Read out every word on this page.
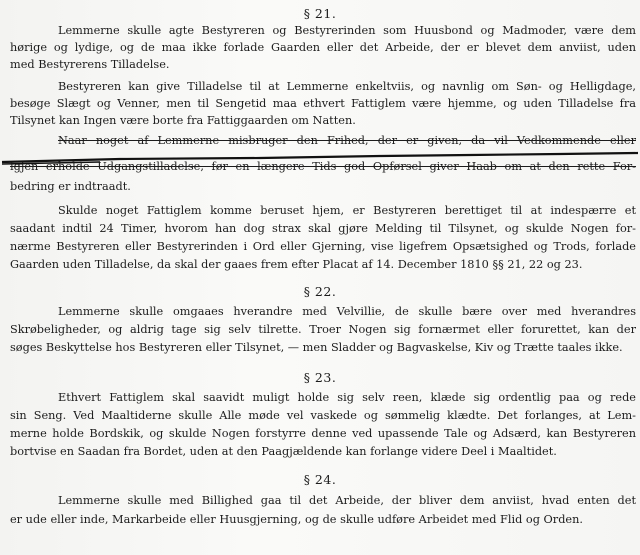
§ 21.
Lemmerne skulle agte Bestyreren og Bestyrerinden som Huusbond og Madmoder, være dem
hørige og lydige, og de maa ikke forlade Gaarden eller det Arbeide, der er blevet dem anviist, uden
med Bestyrerens Tilladelse.
Bestyreren kan give Tilladelse til at Lemmerne enkeltviis, og navnlig om Søn- og Helligdage,
besøge Slægt og Venner, men til Sengetid maa ethvert Fattiglem være hjemme, og uden Tilladelse fra
Tilsynet kan Ingen være borte fra Fattiggaarden om Natten.
Naar noget af Lemmerne misbruger den Frihed, der er given, da vil Vedkommende eller
igjen erholde Udgangstilladelse, før en længere Tids god Opførsel giver Haab om at den rette For-
bedring er indtraadt.
Skulde noget Fattiglem komme beruset hjem, er Bestyreren berettiget til at indespærre et
saadant indtil 24 Timer, hvorom han dog strax skal gjøre Melding til Tilsynet, og skulde Nogen for-
nærme Bestyreren eller Bestyrerinden i Ord eller Gjerning, vise ligefrem Opsætsighed og Trods, forlade
Gaarden uden Tilladelse, da skal der gaaes frem efter Placat af 14. December 1810 §§ 21, 22 og 23.
§ 22.
Lemmerne skulle omgaaes hverandre med Velvillie, de skulle bære over med hverandres
Skrøbeligheder, og aldrig tage sig selv tilrette. Troer Nogen sig fornærmet eller forurettet, kan der
søges Beskyttelse hos Bestyreren eller Tilsynet, — men Sladder og Bagvaskelse, Kiv og Trætte taales ikke.
§ 23.
Ethvert Fattiglem skal saavidt muligt holde sig selv reen, klæde sig ordentlig paa og rede
sin Seng. Ved Maaltiderne skulle Alle møde vel vaskede og sømmelig klædte. Det forlanges, at Lem-
merne holde Bordskik, og skulde Nogen forstyrre denne ved upassende Tale og Adsærd, kan Bestyreren
bortvise en Saadan fra Bordet, uden at den Paagjældende kan forlange videre Deel i Maaltidet.
§ 24.
Lemmerne skulle med Billighed gaa til det Arbeide, der bliver dem anviist, hvad enten det
er ude eller inde, Markarbeide eller Huusgjerning, og de skulle udføre Arbeidet med Flid og Orden.
